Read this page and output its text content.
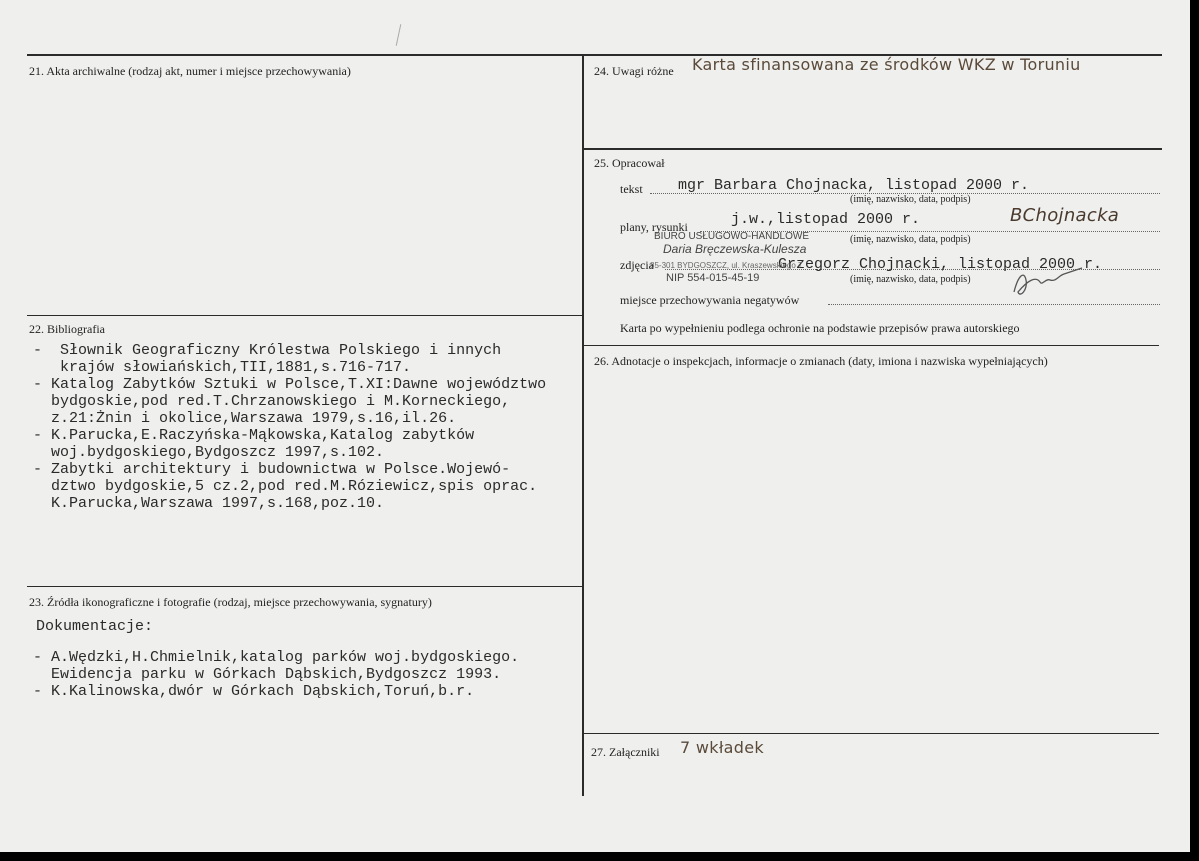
21. Akta archiwalne (rodzaj akt, numer i miejsce przechowywania)
22. Bibliografia
-  Słownik Geograficzny Królestwa Polskiego i innych
krajów słowiańskich,TII,1881,s.716-717.
- Katalog Zabytków Sztuki w Polsce,T.XI:Dawne województwo
bydgoskie,pod red.T.Chrzanowskiego i M.Korneckiego,
z.21:Żnin i okolice,Warszawa 1979,s.16,il.26.
- K.Parucka,E.Raczyńska-Mąkowska,Katalog zabytków
woj.bydgoskiego,Bydgoszcz 1997,s.102.
- Zabytki architektury i budownictwa w Polsce.Wojewó-
dztwo bydgoskie,5 cz.2,pod red.M.Róziewicz,spis oprac.
K.Parucka,Warszawa 1997,s.168,poz.10.
23. Źródła ikonograficzne i fotografie (rodzaj, miejsce przechowywania, sygnatury)
Dokumentacje:
- A.Wędzki,H.Chmielnik,katalog parków woj.bydgoskiego.
Ewidencja parku w Górkach Dąbskich,Bydgoszcz 1993.
- K.Kalinowska,dwór w Górkach Dąbskich,Toruń,b.r.
24. Uwagi różne Karta sfinansowana ze środków WKZ w Toruniu
25. Opracował
tekst mgr Barbara Chojnacka, listopad 2000 r.
(imię, nazwisko, data, podpis)
plany, rysunki	j.w.,listopad 2000 r.
(imię, nazwisko, data, podpis)
BChojnacka
zdjęcia	Grzegorz Chojnacki, listopad 2000 r.
(imię, nazwisko, data, podpis)
BIURO USŁUGOWO-HANDLOWE
Daria Bręczewska-Kulesza
85-301 BYDGOSZCZ, ul. Kraszewskiego 7
NIP 554-015-45-19
miejsce przechowywania negatywów
Karta po wypełnieniu podlega ochronie na podstawie przepisów prawa autorskiego
26. Adnotacje o inspekcjach, informacje o zmianach (daty, imiona i nazwiska wypełniających)
27. Załączniki 7 wkładek
